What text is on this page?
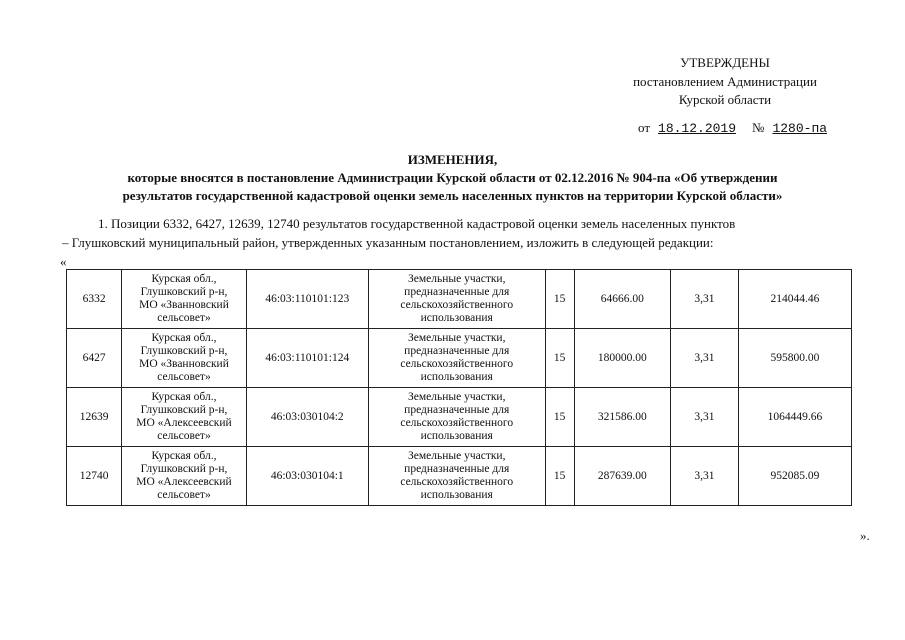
УТВЕРЖДЕНЫ
постановлением Администрации
Курской области
от 18.12.2019 № 1280-па
ИЗМЕНЕНИЯ,
которые вносятся в постановление Администрации Курской области от 02.12.2016 № 904-па «Об утверждении
результатов государственной кадастровой оценки земель населенных пунктов на территории Курской области»
1. Позиции 6332, 6427, 12639, 12740 результатов государственной кадастровой оценки земель населенных пунктов
– Глушковский муниципальный район, утвержденных указанным постановлением, изложить в следующей редакции:
«
6332	Курская обл.,
Глушковский р-н,
МО «Званновский
сельсовет»	46:03:110101:123	Земельные участки,
предназначенные для
сельскохозяйственного
использования	15	64666.00	3,31	214044.46
6427	Курская обл.,
Глушковский р-н,
МО «Званновский
сельсовет»	46:03:110101:124	Земельные участки,
предназначенные для
сельскохозяйственного
использования	15	180000.00	3,31	595800.00
12639	Курская обл.,
Глушковский р-н,
МО «Алексеевский
сельсовет»	46:03:030104:2	Земельные участки,
предназначенные для
сельскохозяйственного
использования	15	321586.00	3,31	1064449.66
12740	Курская обл.,
Глушковский р-н,
МО «Алексеевский
сельсовет»	46:03:030104:1	Земельные участки,
предназначенные для
сельскохозяйственного
использования	15	287639.00	3,31	952085.09
».
